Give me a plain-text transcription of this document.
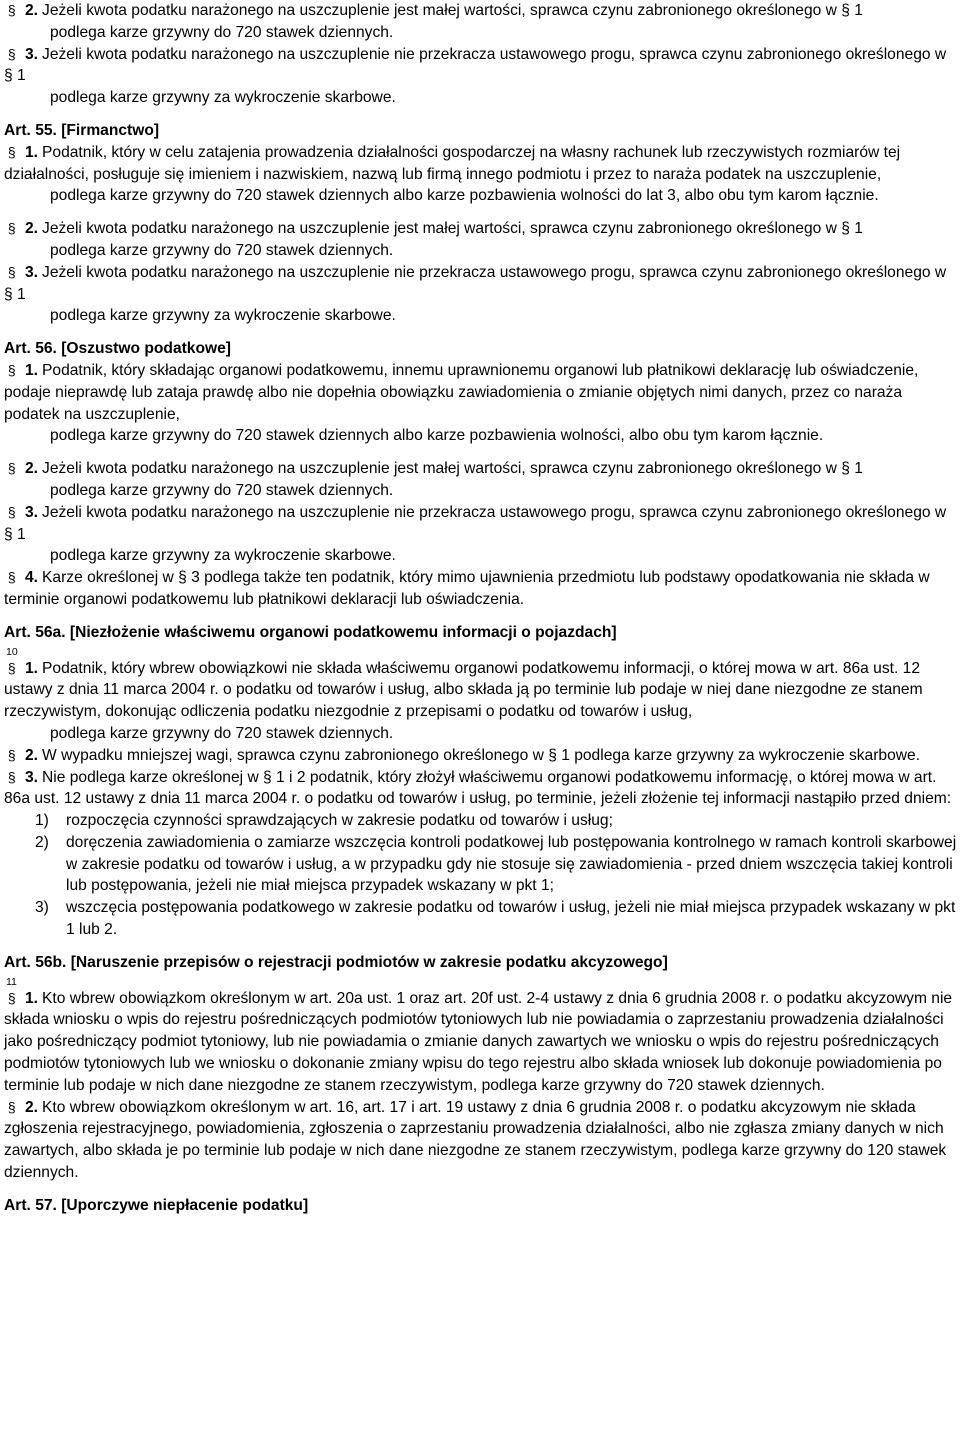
§ 2. Jeżeli kwota podatku narażonego na uszczuplenie jest małej wartości, sprawca czynu zabronionego określonego w § 1

podlega karze grzywny do 720 stawek dziennych.

§ 3. Jeżeli kwota podatku narażonego na uszczuplenie nie przekracza ustawowego progu, sprawca czynu zabronionego określonego w § 1

podlega karze grzywny za wykroczenie skarbowe.

Art. 55. [Firmanctwo]

§ 1. Podatnik, który w celu zatajenia prowadzenia działalności gospodarczej na własny rachunek lub rzeczywistych rozmiarów tej działalności, posługuje się imieniem i nazwiskiem, nazwą lub firmą innego podmiotu i przez to naraża podatek na uszczuplenie,

podlega karze grzywny do 720 stawek dziennych albo karze pozbawienia wolności do lat 3, albo obu tym karom łącznie.

§ 2. Jeżeli kwota podatku narażonego na uszczuplenie jest małej wartości, sprawca czynu zabronionego określonego w § 1

podlega karze grzywny do 720 stawek dziennych.

§ 3. Jeżeli kwota podatku narażonego na uszczuplenie nie przekracza ustawowego progu, sprawca czynu zabronionego określonego w § 1

podlega karze grzywny za wykroczenie skarbowe.

Art. 56. [Oszustwo podatkowe]

§ 1. Podatnik, który składając organowi podatkowemu, innemu uprawnionemu organowi lub płatnikowi deklarację lub oświadczenie, podaje nieprawdę lub zataja prawdę albo nie dopełnia obowiązku zawiadomienia o zmianie objętych nimi danych, przez co naraża podatek na uszczuplenie,

podlega karze grzywny do 720 stawek dziennych albo karze pozbawienia wolności, albo obu tym karom łącznie.

§ 2. Jeżeli kwota podatku narażonego na uszczuplenie jest małej wartości, sprawca czynu zabronionego określonego w § 1

podlega karze grzywny do 720 stawek dziennych.

§ 3. Jeżeli kwota podatku narażonego na uszczuplenie nie przekracza ustawowego progu, sprawca czynu zabronionego określonego w § 1

podlega karze grzywny za wykroczenie skarbowe.

§ 4. Karze określonej w § 3 podlega także ten podatnik, który mimo ujawnienia przedmiotu lub podstawy opodatkowania nie składa w terminie organowi podatkowemu lub płatnikowi deklaracji lub oświadczenia.

Art. 56a. [Niezłożenie właściwemu organowi podatkowemu informacji o pojazdach]

10

§ 1. Podatnik, który wbrew obowiązkowi nie składa właściwemu organowi podatkowemu informacji, o której mowa w art. 86a ust. 12 ustawy z dnia 11 marca 2004 r. o podatku od towarów i usług, albo składa ją po terminie lub podaje w niej dane niezgodne ze stanem rzeczywistym, dokonując odliczenia podatku niezgodnie z przepisami o podatku od towarów i usług,

podlega karze grzywny do 720 stawek dziennych.

§ 2. W wypadku mniejszej wagi, sprawca czynu zabronionego określonego w § 1 podlega karze grzywny za wykroczenie skarbowe.

§ 3. Nie podlega karze określonej w § 1 i 2 podatnik, który złożył właściwemu organowi podatkowemu informację, o której mowa w art. 86a ust. 12 ustawy z dnia 11 marca 2004 r. o podatku od towarów i usług, po terminie, jeżeli złożenie tej informacji nastąpiło przed dniem:

1)	rozpoczęcia czynności sprawdzających w zakresie podatku od towarów i usług;
2)	doręczenia zawiadomienia o zamiarze wszczęcia kontroli podatkowej lub postępowania kontrolnego w ramach kontroli skarbowej w zakresie podatku od towarów i usług, a w przypadku gdy nie stosuje się zawiadomienia - przed dniem wszczęcia takiej kontroli lub postępowania, jeżeli nie miał miejsca przypadek wskazany w pkt 1;
3)	wszczęcia postępowania podatkowego w zakresie podatku od towarów i usług, jeżeli nie miał miejsca przypadek wskazany w pkt 1 lub 2.

Art. 56b. [Naruszenie przepisów o rejestracji podmiotów w zakresie podatku akcyzowego]

11

§ 1. Kto wbrew obowiązkom określonym w art. 20a ust. 1 oraz art. 20f ust. 2-4 ustawy z dnia 6 grudnia 2008 r. o podatku akcyzowym nie składa wniosku o wpis do rejestru pośredniczących podmiotów tytoniowych lub nie powiadamia o zaprzestaniu prowadzenia działalności jako pośredniczący podmiot tytoniowy, lub nie powiadamia o zmianie danych zawartych we wniosku o wpis do rejestru pośredniczących podmiotów tytoniowych lub we wniosku o dokonanie zmiany wpisu do tego rejestru albo składa wniosek lub dokonuje powiadomienia po terminie lub podaje w nich dane niezgodne ze stanem rzeczywistym, podlega karze grzywny do 720 stawek dziennych.

§ 2. Kto wbrew obowiązkom określonym w art. 16, art. 17 i art. 19 ustawy z dnia 6 grudnia 2008 r. o podatku akcyzowym nie składa zgłoszenia rejestracyjnego, powiadomienia, zgłoszenia o zaprzestaniu prowadzenia działalności, albo nie zgłasza zmiany danych w nich zawartych, albo składa je po terminie lub podaje w nich dane niezgodne ze stanem rzeczywistym, podlega karze grzywny do 120 stawek dziennych.

Art. 57. [Uporczywe niepłacenie podatku]
